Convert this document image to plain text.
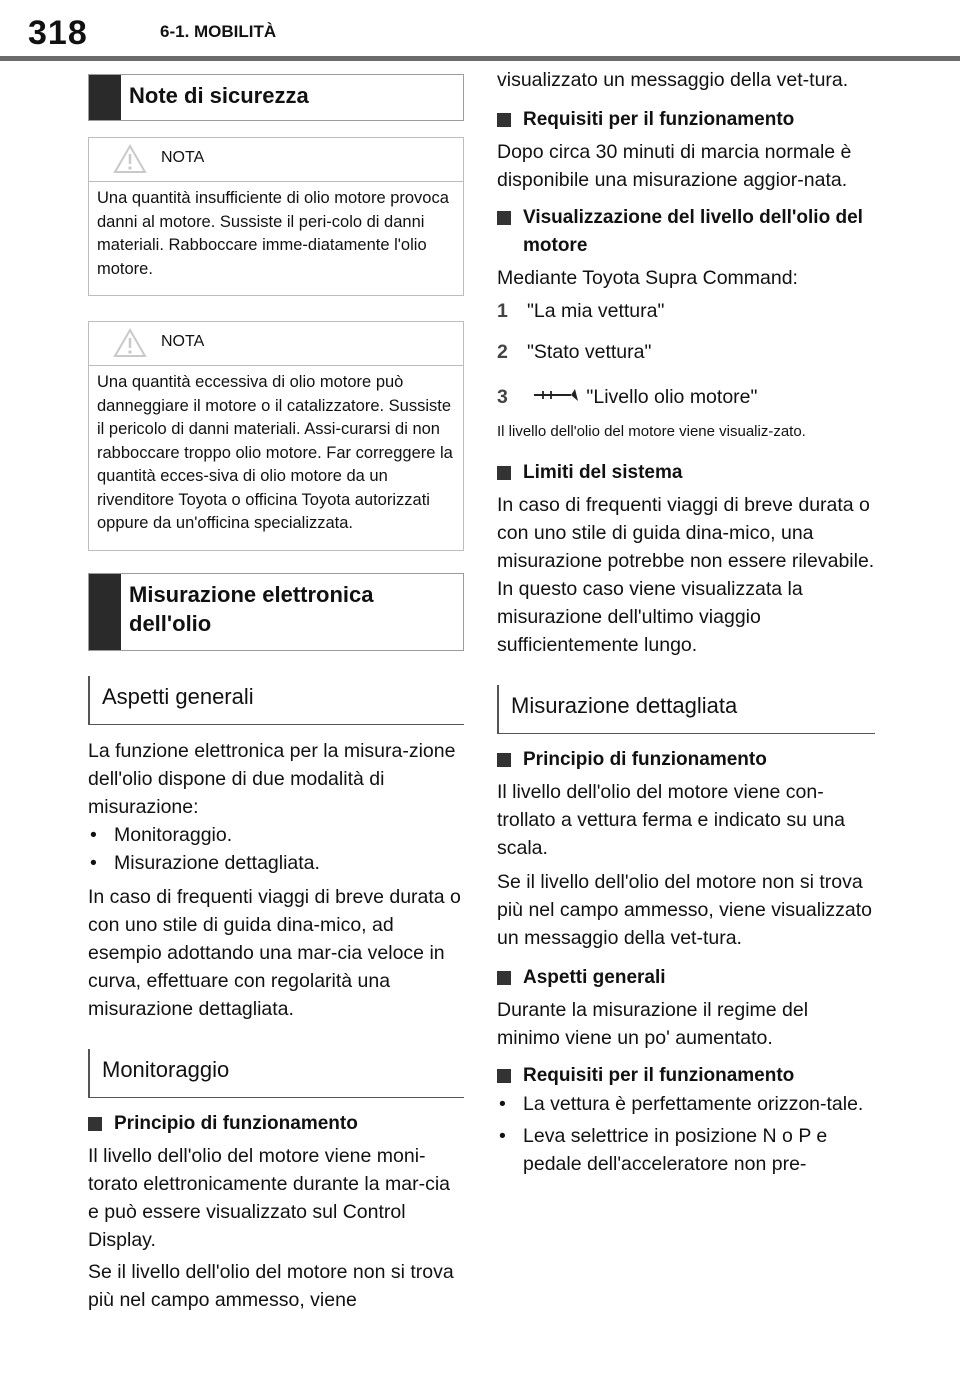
318	6-1. MOBILITÀ
Note di sicurezza
NOTA
Una quantità insufficiente di olio motore provoca danni al motore. Sussiste il peri-colo di danni materiali. Rabboccare imme-diatamente l'olio motore.
NOTA
Una quantità eccessiva di olio motore può danneggiare il motore o il catalizzatore. Sussiste il pericolo di danni materiali. Assi-curarsi di non rabboccare troppo olio motore. Far correggere la quantità ecces-siva di olio motore da un rivenditore Toyota o officina Toyota autorizzati oppure da un'officina specializzata.
Misurazione elettronica dell'olio
Aspetti generali

La funzione elettronica per la misura-zione dell'olio dispone di due modalità di misurazione:

• Monitoraggio.
• Misurazione dettagliata.

In caso di frequenti viaggi di breve durata o con uno stile di guida dina-mico, ad esempio adottando una mar-cia veloce in curva, effettuare con regolarità una misurazione dettagliata.

Monitoraggio
Principio di funzionamento

Il livello dell'olio del motore viene moni-torato elettronicamente durante la mar-cia e può essere visualizzato sul Control Display.

Se il livello dell'olio del motore non si trova più nel campo ammesso, viene

visualizzato un messaggio della vet-tura.

Requisiti per il funzionamento

Dopo circa 30 minuti di marcia normale è disponibile una misurazione aggior-nata.

Visualizzazione del livello dell'olio del motore

Mediante Toyota Supra Command:

1 "La mia vettura"
2 "Stato vettura"
3	"Livello olio motore"

Il livello dell'olio del motore viene visualiz-zato.

Limiti del sistema

In caso di frequenti viaggi di breve durata o con uno stile di guida dina-mico, una misurazione potrebbe non essere rilevabile. In questo caso viene visualizzata la misurazione dell'ultimo viaggio sufficientemente lungo.

Misurazione dettagliata
Principio di funzionamento

Il livello dell'olio del motore viene con-trollato a vettura ferma e indicato su una scala.

Se il livello dell'olio del motore non si trova più nel campo ammesso, viene visualizzato un messaggio della vet-tura.

Aspetti generali

Durante la misurazione il regime del minimo viene un po' aumentato.

Requisiti per il funzionamento
• La vettura è perfettamente orizzon-tale.
• Leva selettrice in posizione N o P e pedale dell'acceleratore non pre-
